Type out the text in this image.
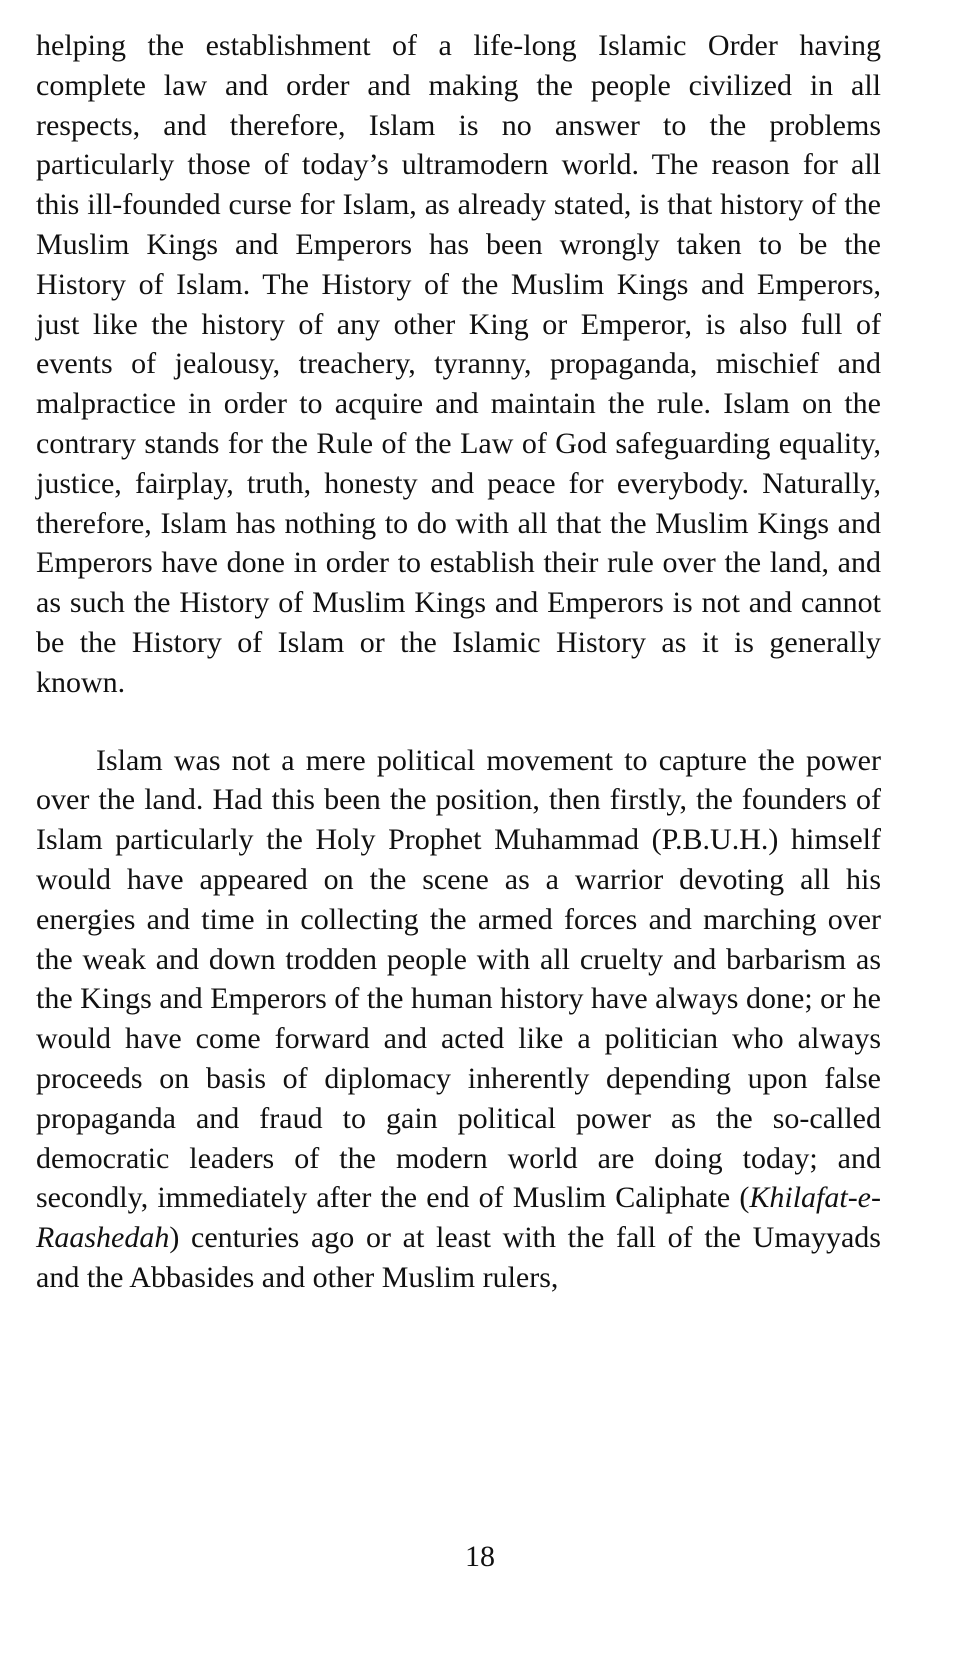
helping the establishment of a life-long Islamic Order having complete law and order and making the people civilized in all respects, and therefore, Islam is no answer to the problems particularly those of today’s ultramodern world. The reason for all this ill-founded curse for Islam, as already stated, is that history of the Muslim Kings and Emperors has been wrongly taken to be the History of Islam. The History of the Muslim Kings and Emperors, just like the history of any other King or Emperor, is also full of events of jealousy, treachery, tyranny, propaganda, mischief and malpractice in order to acquire and maintain the rule. Islam on the contrary stands for the Rule of the Law of God safeguarding equality, justice, fairplay, truth, honesty and peace for everybody. Naturally, therefore, Islam has nothing to do with all that the Muslim Kings and Emperors have done in order to establish their rule over the land, and as such the History of Muslim Kings and Emperors is not and cannot be the History of Islam or the Islamic History as it is generally known.

Islam was not a mere political movement to capture the power over the land. Had this been the position, then firstly, the founders of Islam particularly the Holy Prophet Muhammad (P.B.U.H.) himself would have appeared on the scene as a warrior devoting all his energies and time in collecting the armed forces and marching over the weak and down trodden people with all cruelty and barbarism as the Kings and Emperors of the human history have always done; or he would have come forward and acted like a politician who always proceeds on basis of diplomacy inherently depending upon false propaganda and fraud to gain political power as the so-called democratic leaders of the modern world are doing today; and secondly, immediately after the end of Muslim Caliphate (Khilafat-e-Raashedah) centuries ago or at least with the fall of the Umayyads and the Abbasides and other Muslim rulers,

18
